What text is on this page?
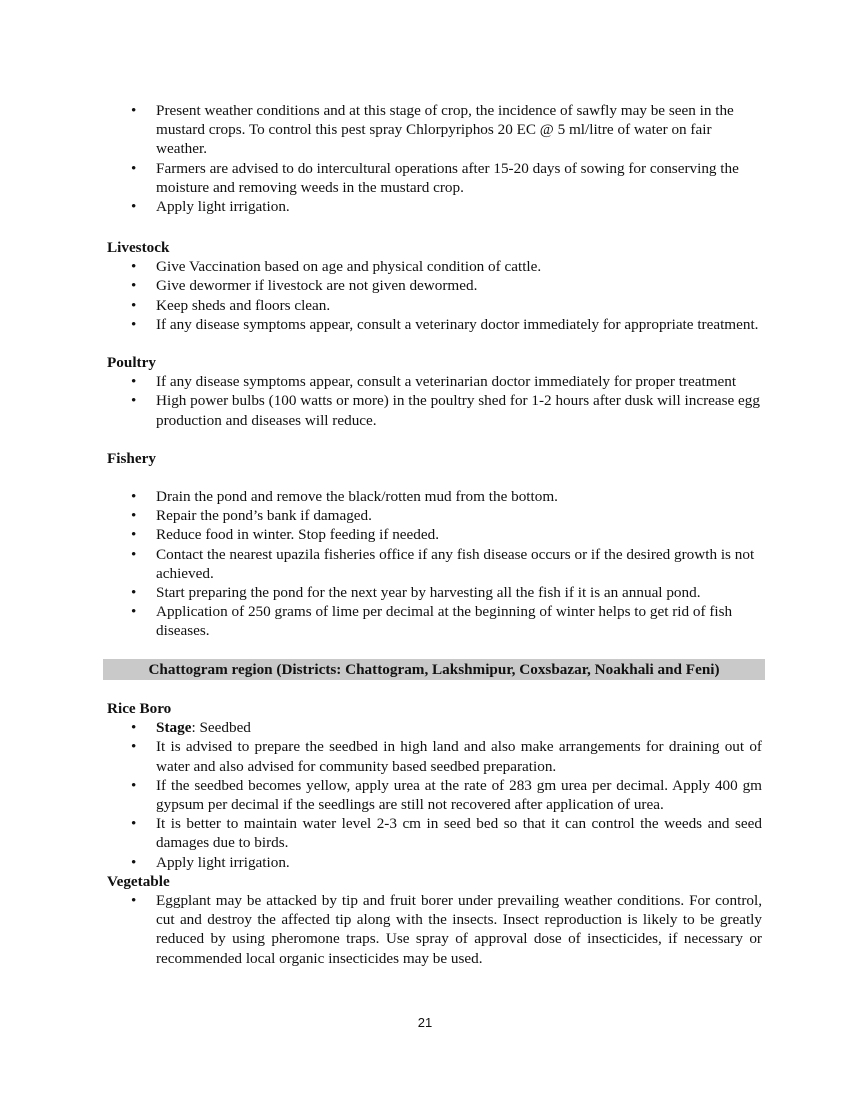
• Present weather conditions and at this stage of crop, the incidence of sawfly may be seen in the mustard crops. To control this pest spray Chlorpyriphos 20 EC @ 5 ml/litre of water on fair weather.
• Farmers are advised to do intercultural operations after 15-20 days of sowing for conserving the moisture and removing weeds in the mustard crop.
• Apply light irrigation.
Livestock
• Give Vaccination based on age and physical condition of cattle.
• Give dewormer if livestock are not given dewormed.
• Keep sheds and floors clean.
• If any disease symptoms appear, consult a veterinary doctor immediately for appropriate treatment.
Poultry
• If any disease symptoms appear, consult a veterinarian doctor immediately for proper treatment
• High power bulbs (100 watts or more) in the poultry shed for 1-2 hours after dusk will increase egg production and diseases will reduce.
Fishery
• Drain the pond and remove the black/rotten mud from the bottom.
• Repair the pond’s bank if damaged.
• Reduce food in winter. Stop feeding if needed.
• Contact the nearest upazila fisheries office if any fish disease occurs or if the desired growth is not achieved.
• Start preparing the pond for the next year by harvesting all the fish if it is an annual pond.
• Application of 250 grams of lime per decimal at the beginning of winter helps to get rid of fish diseases.
Chattogram region (Districts: Chattogram, Lakshmipur, Coxsbazar, Noakhali and Feni)
Rice Boro
• Stage: Seedbed
• It is advised to prepare the seedbed in high land and also make arrangements for draining out of water and also advised for community based seedbed preparation.
• If the seedbed becomes yellow, apply urea at the rate of 283 gm urea per decimal. Apply 400 gm gypsum per decimal if the seedlings are still not recovered after application of urea.
• It is better to maintain water level 2-3 cm in seed bed so that it can control the weeds and seed damages due to birds.
• Apply light irrigation.
Vegetable
• Eggplant may be attacked by tip and fruit borer under prevailing weather conditions. For control, cut and destroy the affected tip along with the insects. Insect reproduction is likely to be greatly reduced by using pheromone traps. Use spray of approval dose of insecticides, if necessary or recommended local organic insecticides may be used.
21
